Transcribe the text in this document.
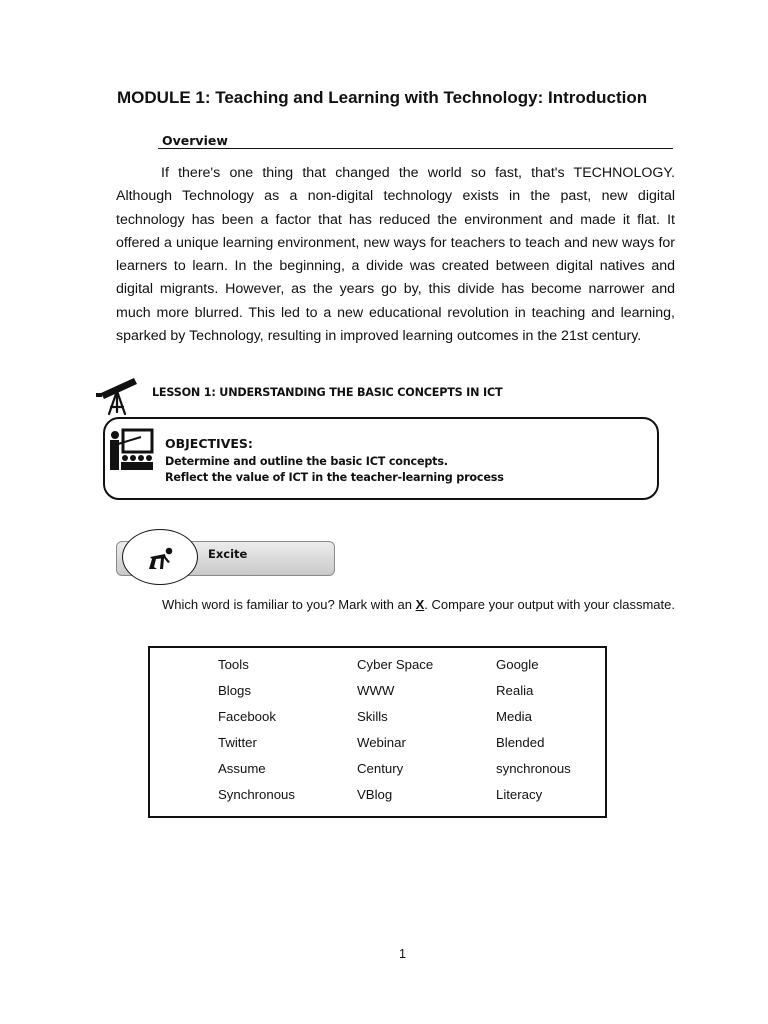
MODULE 1: Teaching and Learning with Technology: Introduction
Overview

If there's one thing that changed the world so fast, that's TECHNOLOGY. Although Technology as a non-digital technology exists in the past, new digital technology has been a factor that has reduced the environment and made it flat. It offered a unique learning environment, new ways for teachers to teach and new ways for learners to learn. In the beginning, a divide was created between digital natives and digital migrants. However, as the years go by, this divide has become narrower and much more blurred. This led to a new educational revolution in teaching and learning, sparked by Technology, resulting in improved learning outcomes in the 21st century.

LESSON 1: UNDERSTANDING THE BASIC CONCEPTS IN ICT
OBJECTIVES:
Determine and outline the basic ICT concepts.
Reflect the value of ICT in the teacher-learning process
Excite

Which word is familiar to you? Mark with an X. Compare your output with your classmate.

Tools	Cyber Space	Google
Blogs	WWW	Realia
Facebook	Skills	Media
Twitter	Webinar	Blended
Assume	Century	synchronous
Synchronous	VBlog	Literacy
1
